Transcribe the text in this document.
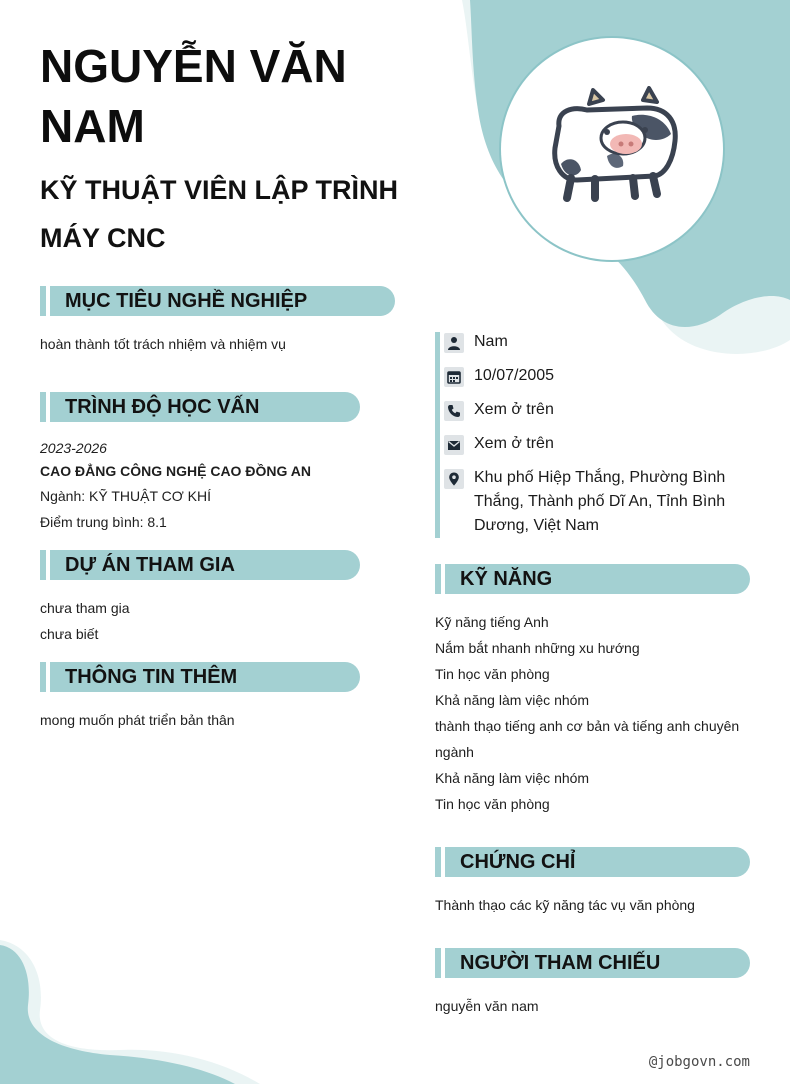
NGUYỄN VĂN NAM
KỸ THUẬT VIÊN LẬP TRÌNH MÁY CNC
MỤC TIÊU NGHỀ NGHIỆP
hoàn thành tốt trách nhiệm và nhiệm vụ
TRÌNH ĐỘ HỌC VẤN
2023-2026
CAO ĐẲNG CÔNG NGHỆ CAO ĐỒNG AN
Ngành: KỸ THUẬT CƠ KHÍ
Điểm trung bình: 8.1
DỰ ÁN THAM GIA
chưa tham gia
chưa biết
THÔNG TIN THÊM
mong muốn phát triển bản thân
Nam
10/07/2005
Xem ở trên
Xem ở trên
Khu phố Hiệp Thắng, Phường Bình Thắng, Thành phố Dĩ An, Tỉnh Bình Dương, Việt Nam
KỸ NĂNG
Kỹ năng tiếng Anh
Nắm bắt nhanh những xu hướng
Tin học văn phòng
Khả năng làm việc nhóm
thành thạo tiếng anh cơ bản và tiếng anh chuyên ngành
Khả năng làm việc nhóm
Tin học văn phòng
CHỨNG CHỈ
Thành thạo các kỹ năng tác vụ văn phòng
NGƯỜI THAM CHIẾU
nguyễn văn nam
@jobgovn.com
